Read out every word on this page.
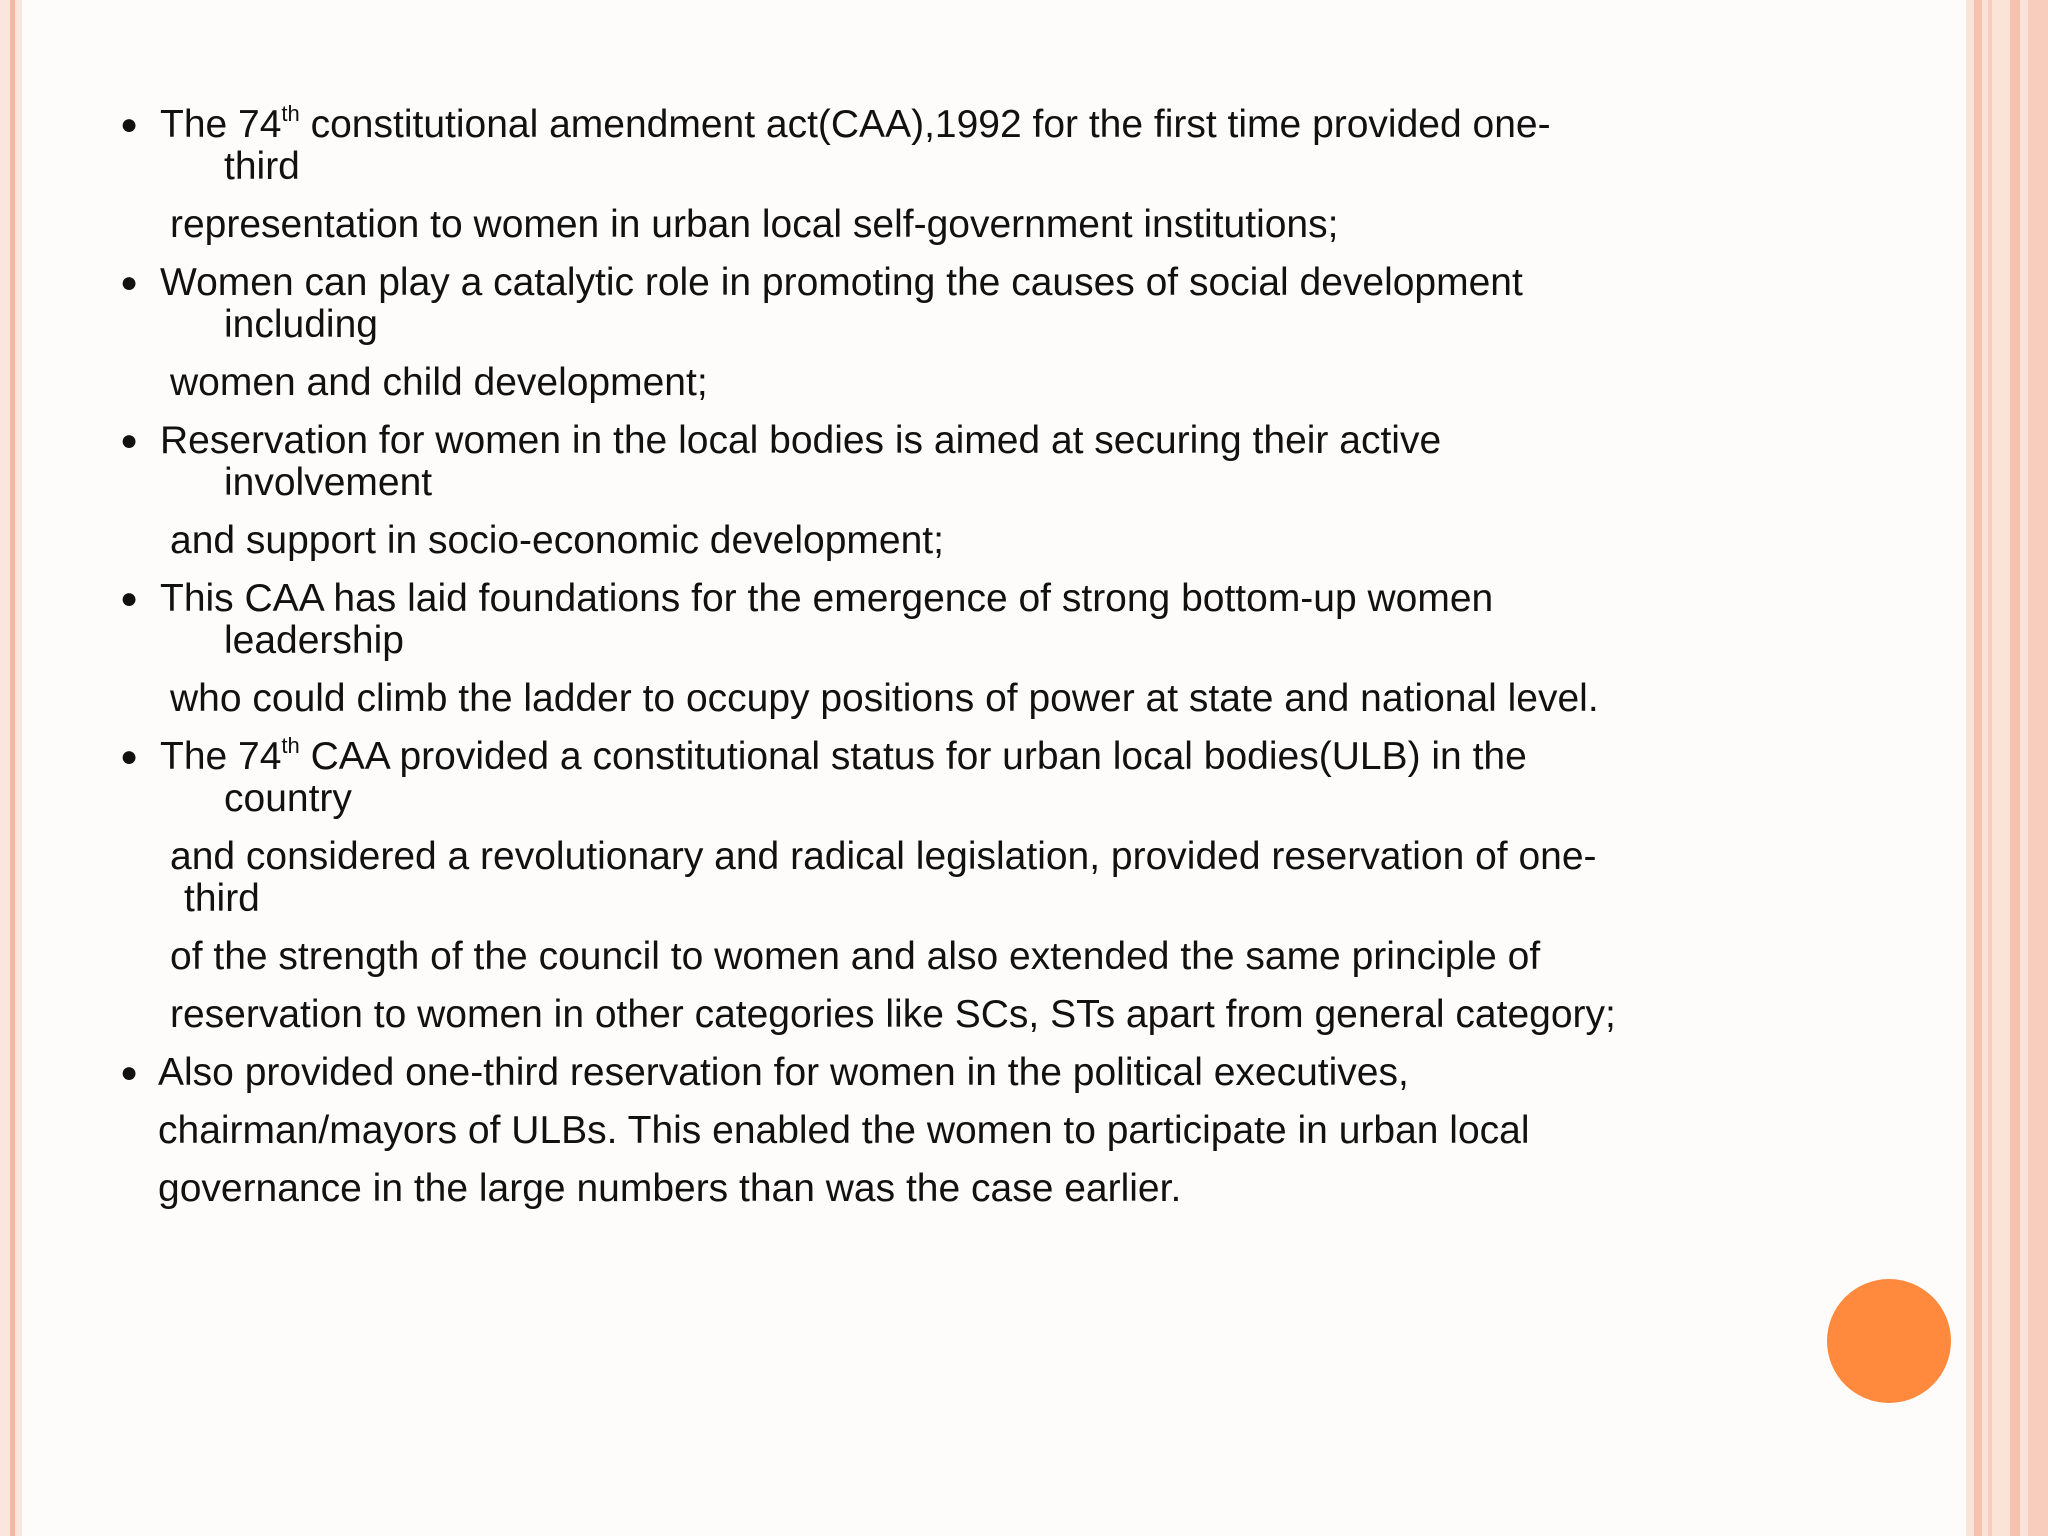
● The 74th constitutional amendment act(CAA),1992 for the first time provided one-
third
representation to women in urban local self-government institutions;
● Women can play a catalytic role in promoting the causes of social development
including
women and child development;
● Reservation for women in the local bodies is aimed at securing their active
involvement
and support in socio-economic development;
● This CAA has laid foundations for the emergence of strong bottom-up women
leadership
who could climb the ladder to occupy positions of power at state and national level.
● The 74th CAA provided a constitutional status for urban local bodies(ULB) in the
country
and considered a revolutionary and radical legislation, provided reservation of one-
third
of the strength of the council to women and also extended the same principle of
reservation to women in other categories like SCs, STs apart from general category;
● Also provided one-third reservation for women in the political executives,
chairman/mayors of ULBs. This enabled the women to participate in urban local
governance in the large numbers than was the case earlier.
